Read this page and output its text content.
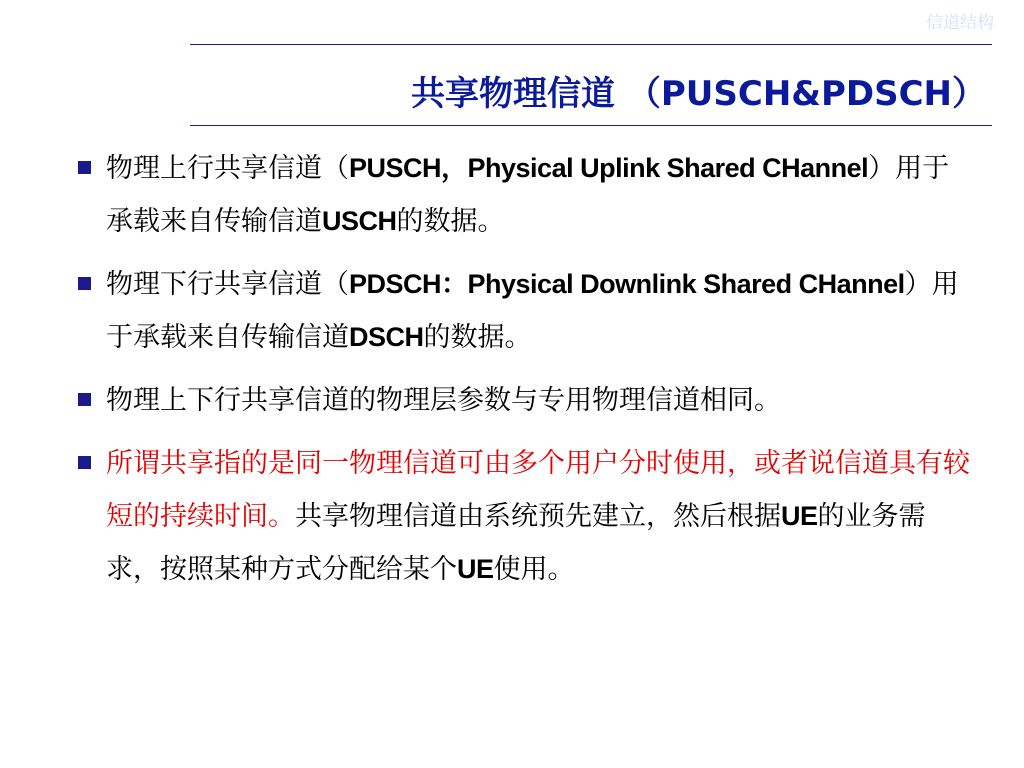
信道结构
共享物理信道 （PUSCH&PDSCH）
物理上行共享信道（PUSCH，Physical Uplink Shared CHannel）用于承载来自传输信道USCH的数据。
物理下行共享信道（PDSCH：Physical Downlink Shared CHannel）用于承载来自传输信道DSCH的数据。
物理上下行共享信道的物理层参数与专用物理信道相同。
所谓共享指的是同一物理信道可由多个用户分时使用，或者说信道具有较短的持续时间。共享物理信道由系统预先建立，然后根据UE的业务需求，按照某种方式分配给某个UE使用。
